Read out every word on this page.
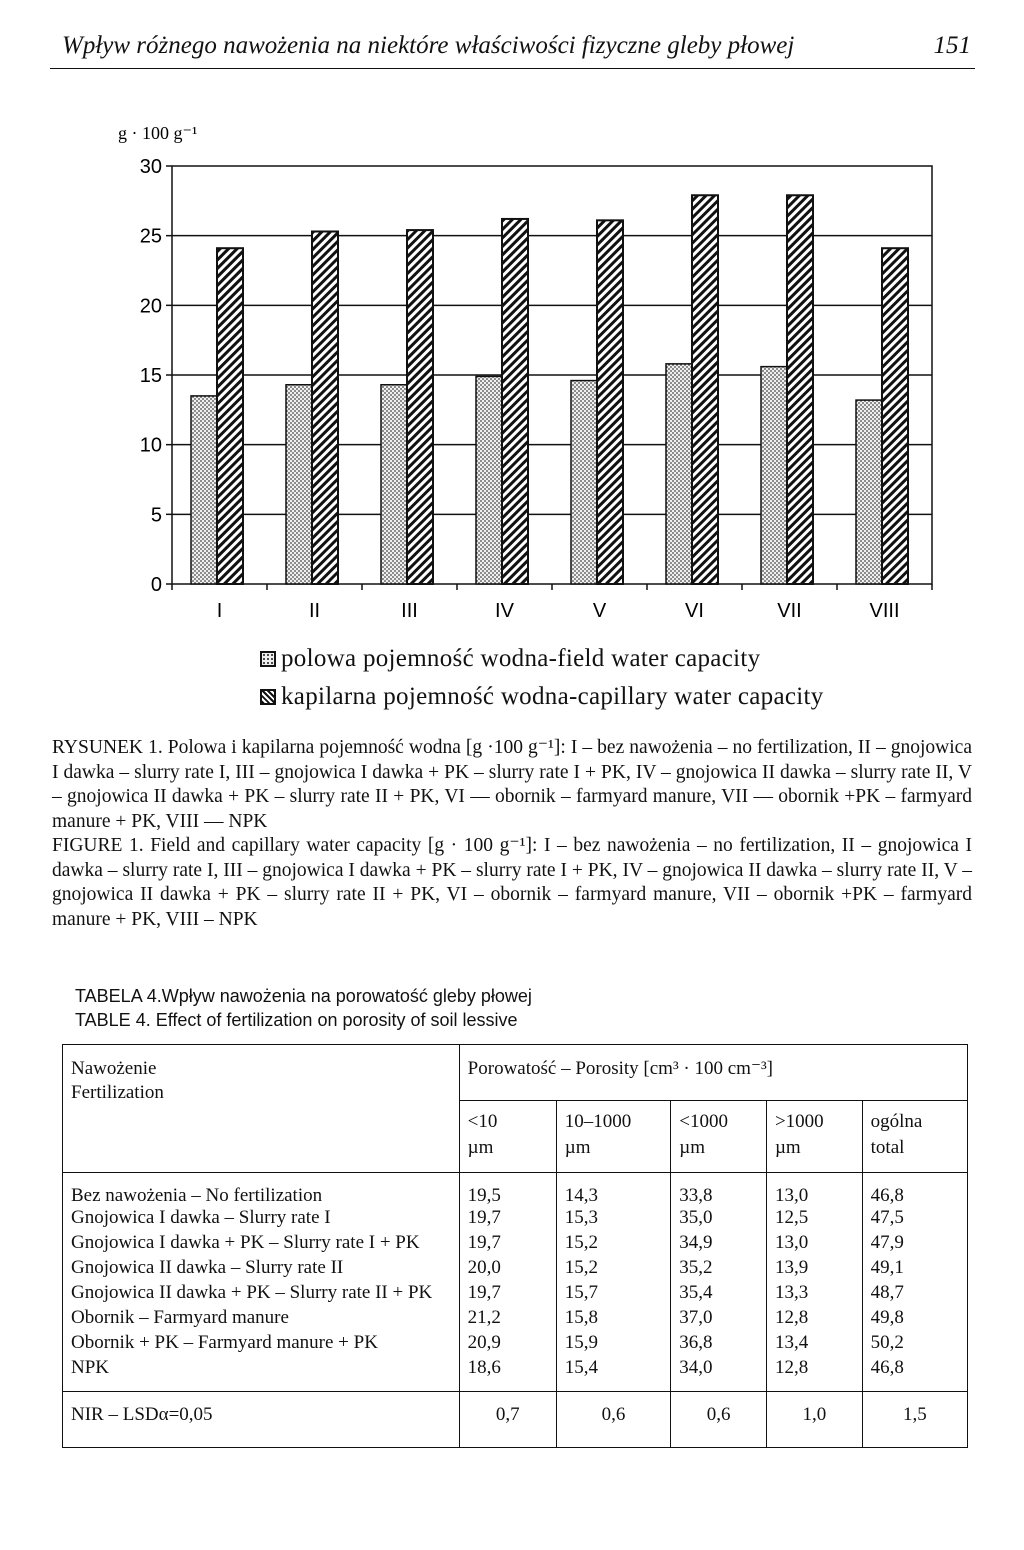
Wpływ różnego nawożenia na niektóre właściwości fizyczne gleby płowej	151
g · 100 g⁻¹
0
5
10
15
20
25
30
I	II	III	IV	V	VI	VII	VIII
polowa pojemność wodna-field water capacity
kapilarna pojemność wodna-capillary water capacity

RYSUNEK 1. Polowa i kapilarna pojemność wodna [g ·100 g⁻¹]: I – bez nawożenia – no fertilization, II – gnojowica I dawka – slurry rate I, III – gnojowica I dawka + PK – slurry rate I + PK, IV – gnojowica II dawka – slurry rate II, V – gnojowica II dawka + PK – slurry rate II + PK, VI –– obornik – farmyard manure, VII –– obornik +PK – farmyard manure + PK, VIII –– NPK

FIGURE 1. Field and capillary water capacity [g · 100 g⁻¹]: I – bez nawożenia – no fertilization, II – gnojowica I dawka – slurry rate I, III – gnojowica I dawka + PK – slurry rate I + PK, IV – gnojowica II dawka – slurry rate II, V – gnojowica II dawka + PK – slurry rate II + PK, VI – obornik – farmyard manure, VII – obornik +PK – farmyard manure + PK, VIII – NPK

TABELA 4.Wpływ nawożenia na porowatość gleby płowej
TABLE 4. Effect of fertilization on porosity of soil lessive
Nawożenie
Fertilization	Porowatość – Porosity [cm³ · 100 cm⁻³]				
	<10 µm	10–1000 µm	<1000 µm	>1000 µm	ogólna total
Bez nawożenia – No fertilization	19,5	14,3	33,8	13,0	46,8
Gnojowica I dawka – Slurry rate I	19,7	15,3	35,0	12,5	47,5
Gnojowica I dawka + PK – Slurry rate I + PK	19,7	15,2	34,9	13,0	47,9
Gnojowica II dawka – Slurry rate II	20,0	15,2	35,2	13,9	49,1
Gnojowica II dawka + PK – Slurry rate II + PK	19,7	15,7	35,4	13,3	48,7
Obornik – Farmyard manure	21,2	15,8	37,0	12,8	49,8
Obornik + PK – Farmyard manure + PK	20,9	15,9	36,8	13,4	50,2
NPK	18,6	15,4	34,0	12,8	46,8
NIR – LSDα=0,05	0,7	0,6	0,6	1,0	1,5
